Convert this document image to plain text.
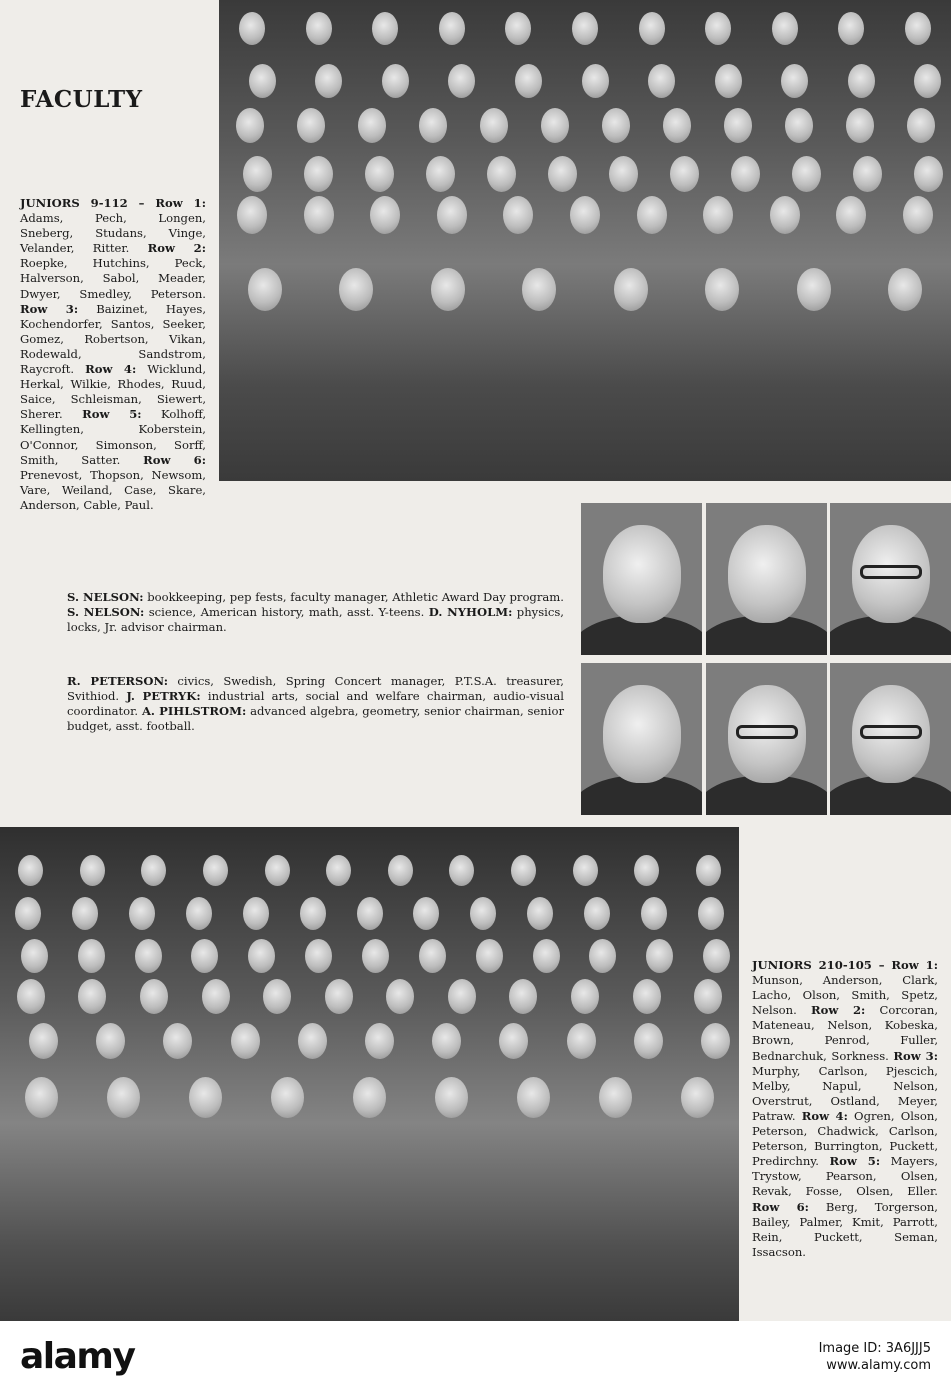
FACULTY

JUNIORS 9-112 – Row 1: Adams, Pech, Longen, Sneberg, Studans, Vinge, Velander, Ritter. Row 2: Roepke, Hutchins, Peck, Halverson, Sabol, Meader, Dwyer, Smedley, Peterson. Row 3: Baizinet, Hayes, Kochendorfer, Santos, Seeker, Gomez, Robertson, Vikan, Rodewald, Sandstrom, Raycroft. Row 4: Wicklund, Herkal, Wilkie, Rhodes, Ruud, Saice, Schleisman, Siewert, Sherer. Row 5: Kolhoff, Kellingten, Koberstein, O'Connor, Simonson, Sorff, Smith, Satter. Row 6: Prenevost, Thopson, Newsom, Vare, Weiland, Case, Skare, Anderson, Cable, Paul.

S. NELSON: bookkeeping, pep fests, faculty manager, Athletic Award Day program. S. NELSON: science, American history, math, asst. Y-teens. D. NYHOLM: physics, locks, Jr. advisor chairman.

R. PETERSON: civics, Swedish, Spring Concert manager, P.T.S.A. treasurer, Svithiod. J. PETRYK: industrial arts, social and welfare chairman, audio-visual coordinator. A. PIHLSTROM: advanced algebra, geometry, senior chairman, senior budget, asst. football.

JUNIORS 210-105 – Row 1: Munson, Anderson, Clark, Lacho, Olson, Smith, Spetz, Nelson. Row 2: Corcoran, Mateneau, Nelson, Kobeska, Brown, Penrod, Fuller, Bednarchuk, Sorkness. Row 3: Murphy, Carlson, Pjescich, Melby, Napul, Nelson, Overstrut, Ostland, Meyer, Patraw. Row 4: Ogren, Olson, Peterson, Chadwick, Carlson, Peterson, Burrington, Puckett, Predirchny. Row 5: Mayers, Trystow, Pearson, Olsen, Revak, Fosse, Olsen, Eller. Row 6: Berg, Torgerson, Bailey, Palmer, Kmit, Parrott, Rein, Puckett, Seman, Issacson.

alamy	Image ID: 3A6JJJ5
www.alamy.com
